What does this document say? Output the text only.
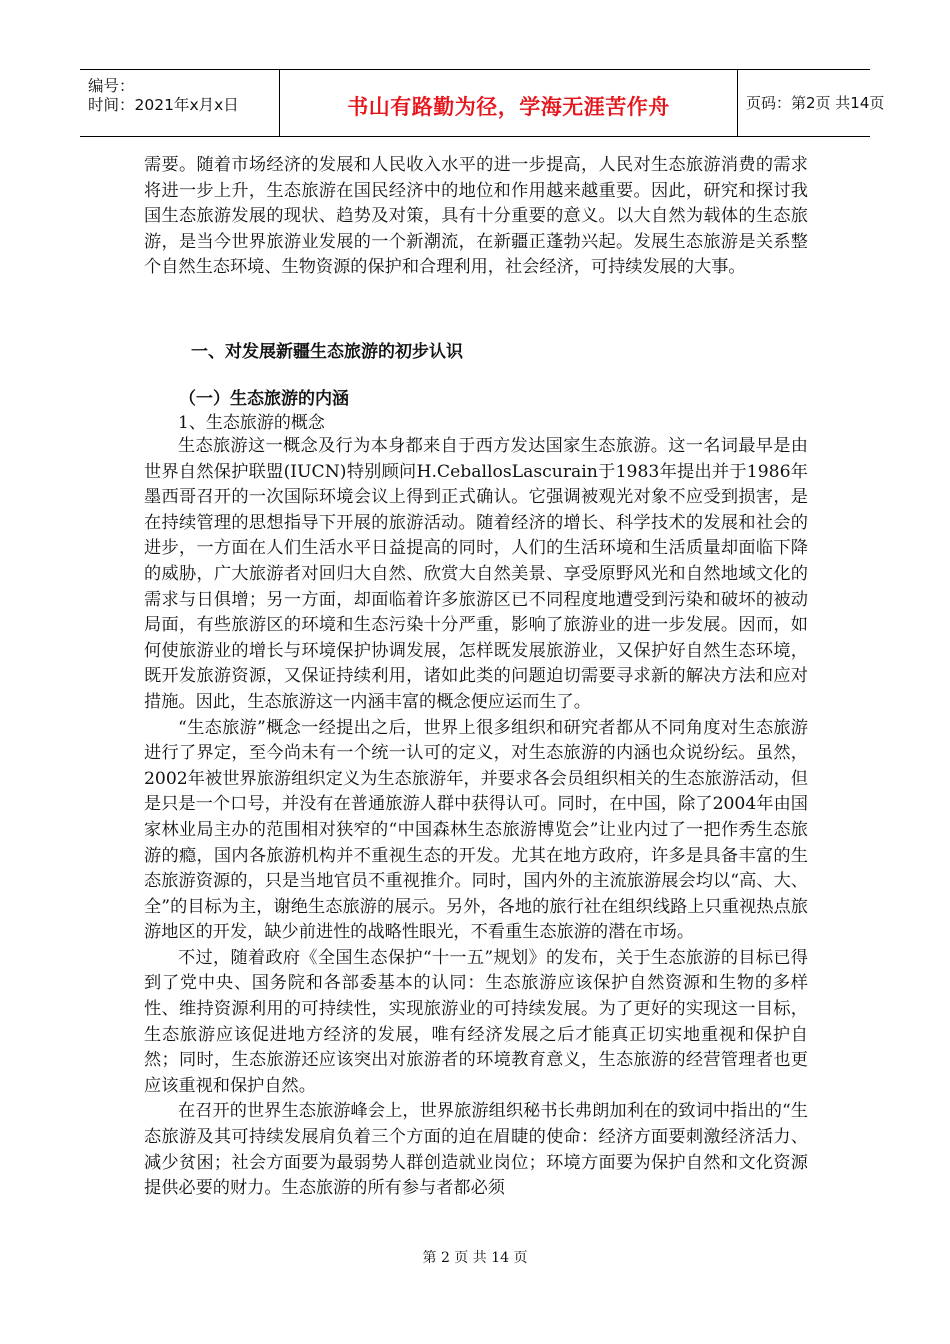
编号：
时间：2021年x月x日	书山有路勤为径，学海无涯苦作舟	页码：第2页 共14页

需要。随着市场经济的发展和人民收入水平的进一步提高，人民对生态旅游消费的需求将进一步上升，生态旅游在国民经济中的地位和作用越来越重要。因此，研究和探讨我国生态旅游发展的现状、趋势及对策，具有十分重要的意义。以大自然为载体的生态旅游，是当今世界旅游业发展的一个新潮流，在新疆正蓬勃兴起。发展生态旅游是关系整个自然生态环境、生物资源的保护和合理利用，社会经济，可持续发展的大事。

一、对发展新疆生态旅游的初步认识
（一）生态旅游的内涵
1、生态旅游的概念

生态旅游这一概念及行为本身都来自于西方发达国家生态旅游。这一名词最早是由世界自然保护联盟(IUCN)特别顾问H.CeballosLascurain于1983年提出并于1986年墨西哥召开的一次国际环境会议上得到正式确认。它强调被观光对象不应受到损害，是在持续管理的思想指导下开展的旅游活动。随着经济的增长、科学技术的发展和社会的进步，一方面在人们生活水平日益提高的同时，人们的生活环境和生活质量却面临下降的威胁，广大旅游者对回归大自然、欣赏大自然美景、享受原野风光和自然地域文化的需求与日俱增；另一方面，却面临着许多旅游区已不同程度地遭受到污染和破坏的被动局面，有些旅游区的环境和生态污染十分严重，影响了旅游业的进一步发展。因而，如何使旅游业的增长与环境保护协调发展，怎样既发展旅游业，又保护好自然生态环境，既开发旅游资源，又保证持续利用，诸如此类的问题迫切需要寻求新的解决方法和应对措施。因此，生态旅游这一内涵丰富的概念便应运而生了。

“生态旅游”概念一经提出之后，世界上很多组织和研究者都从不同角度对生态旅游进行了界定，至今尚未有一个统一认可的定义，对生态旅游的内涵也众说纷纭。虽然，2002年被世界旅游组织定义为生态旅游年，并要求各会员组织相关的生态旅游活动，但是只是一个口号，并没有在普通旅游人群中获得认可。同时，在中国，除了2004年由国家林业局主办的范围相对狭窄的“中国森林生态旅游博览会”让业内过了一把作秀生态旅游的瘾，国内各旅游机构并不重视生态的开发。尤其在地方政府，许多是具备丰富的生态旅游资源的，只是当地官员不重视推介。同时，国内外的主流旅游展会均以“高、大、全”的目标为主，谢绝生态旅游的展示。另外，各地的旅行社在组织线路上只重视热点旅游地区的开发，缺少前进性的战略性眼光，不看重生态旅游的潜在市场。

不过，随着政府《全国生态保护“十一五”规划》的发布，关于生态旅游的目标已得到了党中央、国务院和各部委基本的认同：生态旅游应该保护自然资源和生物的多样性、维持资源利用的可持续性，实现旅游业的可持续发展。为了更好的实现这一目标，生态旅游应该促进地方经济的发展，唯有经济发展之后才能真正切实地重视和保护自然；同时，生态旅游还应该突出对旅游者的环境教育意义，生态旅游的经营管理者也更应该重视和保护自然。

在召开的世界生态旅游峰会上，世界旅游组织秘书长弗朗加利在的致词中指出的“生态旅游及其可持续发展肩负着三个方面的迫在眉睫的使命：经济方面要刺激经济活力、减少贫困；社会方面要为最弱势人群创造就业岗位；环境方面要为保护自然和文化资源提供必要的财力。生态旅游的所有参与者都必须

第 2 页 共 14 页
